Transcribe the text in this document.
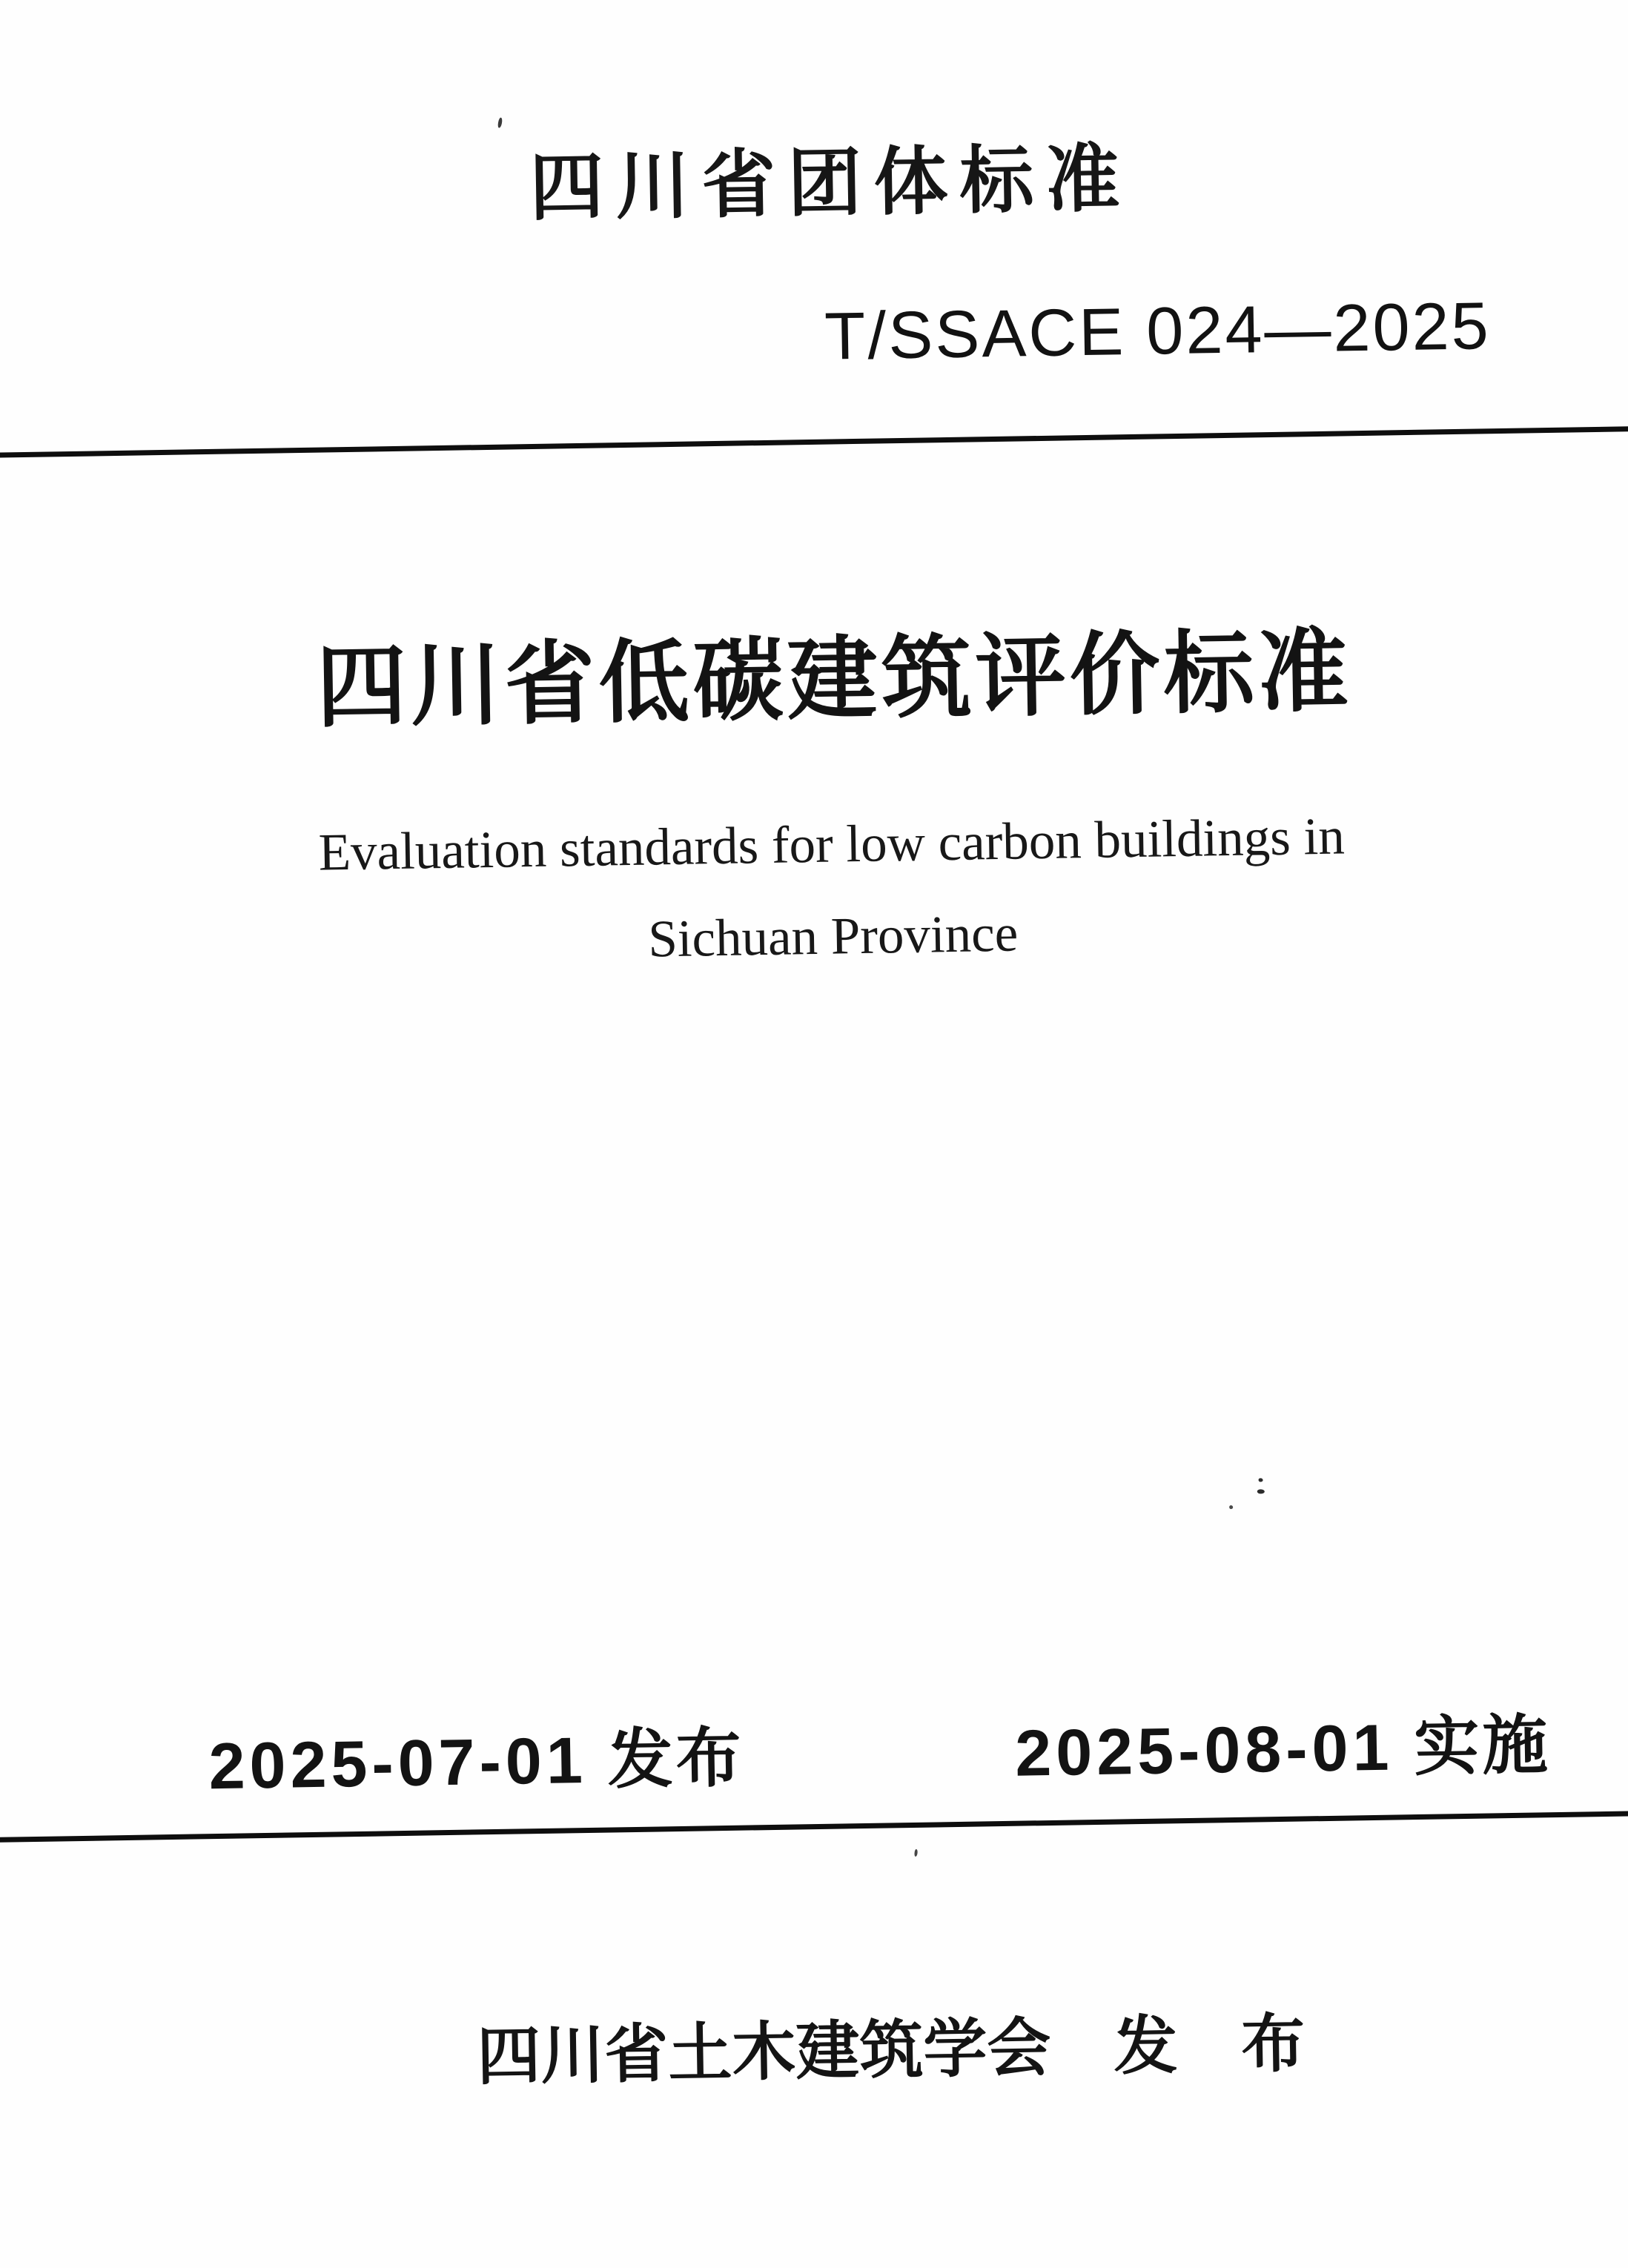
四川省团体标准
T/SSACE 024—2025
四川省低碳建筑评价标准
Evaluation standards for low carbon buildings in
Sichuan Province
2025-07-01 发布	2025-08-01 实施
四川省土木建筑学会 发　布
